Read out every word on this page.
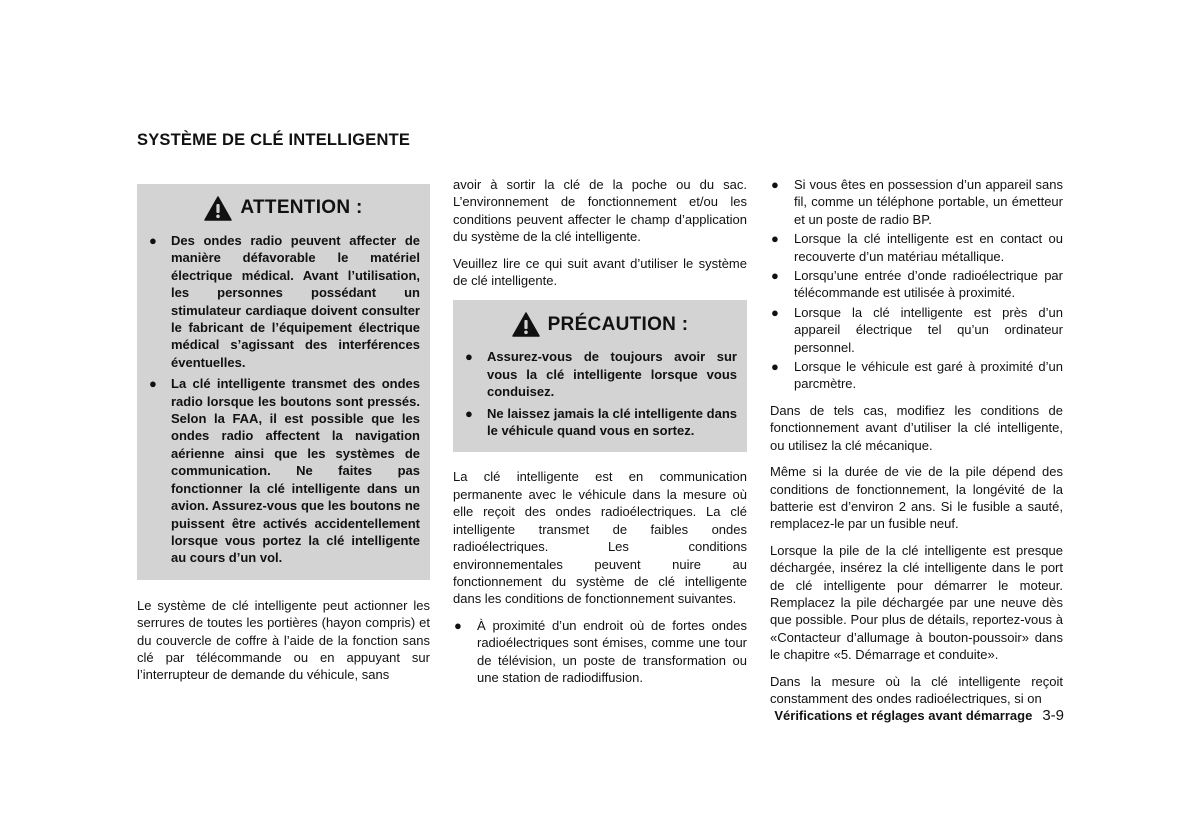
SYSTÈME DE CLÉ INTELLIGENTE
ATTENTION :
● Des ondes radio peuvent affecter de manière défavorable le matériel électrique médical. Avant l’utilisation, les personnes possédant un stimulateur cardiaque doivent consulter le fabricant de l’équipement électrique médical s’agissant des interférences éventuelles.
● La clé intelligente transmet des ondes radio lorsque les boutons sont pressés. Selon la FAA, il est possible que les ondes radio affectent la navigation aérienne ainsi que les systèmes de communication. Ne faites pas fonctionner la clé intelligente dans un avion. Assurez-vous que les boutons ne puissent être activés accidentellement lorsque vous portez la clé intelligente au cours d’un vol.

Le système de clé intelligente peut actionner les serrures de toutes les portières (hayon compris) et du couvercle de coffre à l’aide de la fonction sans clé par télécommande ou en appuyant sur l’interrupteur de demande du véhicule, sans

avoir à sortir la clé de la poche ou du sac. L’environnement de fonctionnement et/ou les conditions peuvent affecter le champ d’application du système de la clé intelligente.

Veuillez lire ce qui suit avant d’utiliser le système de clé intelligente.

PRÉCAUTION :
● Assurez-vous de toujours avoir sur vous la clé intelligente lorsque vous conduisez.
● Ne laissez jamais la clé intelligente dans le véhicule quand vous en sortez.

La clé intelligente est en communication permanente avec le véhicule dans la mesure où elle reçoit des ondes radioélectriques. La clé intelligente transmet de faibles ondes radioélectriques. Les conditions environnementales peuvent nuire au fonctionnement du système de clé intelligente dans les conditions de fonctionnement suivantes.

● À proximité d’un endroit où de fortes ondes radioélectriques sont émises, comme une tour de télévision, un poste de transformation ou une station de radiodiffusion.
● Si vous êtes en possession d’un appareil sans fil, comme un téléphone portable, un émetteur et un poste de radio BP.
● Lorsque la clé intelligente est en contact ou recouverte d’un matériau métallique.
● Lorsqu’une entrée d’onde radioélectrique par télécommande est utilisée à proximité.
● Lorsque la clé intelligente est près d’un appareil électrique tel qu’un ordinateur personnel.
● Lorsque le véhicule est garé à proximité d’un parcmètre.

Dans de tels cas, modifiez les conditions de fonctionnement avant d’utiliser la clé intelligente, ou utilisez la clé mécanique.

Même si la durée de vie de la pile dépend des conditions de fonctionnement, la longévité de la batterie est d’environ 2 ans. Si le fusible a sauté, remplacez-le par un fusible neuf.

Lorsque la pile de la clé intelligente est presque déchargée, insérez la clé intelligente dans le port de clé intelligente pour démarrer le moteur. Remplacez la pile déchargée par une neuve dès que possible. Pour plus de détails, reportez-vous à «Contacteur d’allumage à bouton-poussoir» dans le chapitre «5. Démarrage et conduite».

Dans la mesure où la clé intelligente reçoit constamment des ondes radioélectriques, si on

Vérifications et réglages avant démarrage 3-9
